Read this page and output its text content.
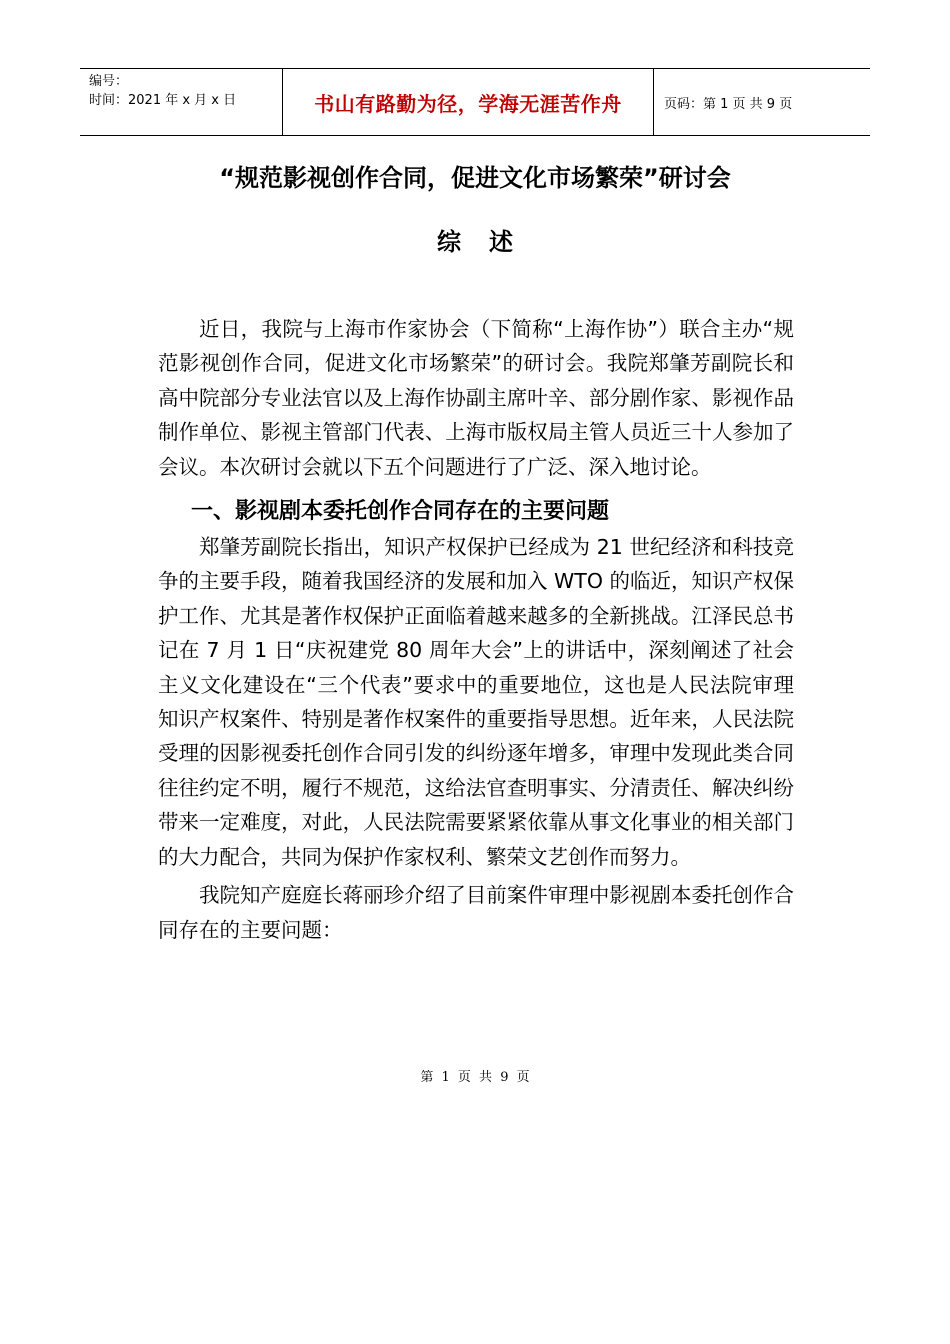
编号：
时间：2021 年 x 月 x 日	书山有路勤为径，学海无涯苦作舟	页码：第 1 页 共 9 页
“规范影视创作合同，促进文化市场繁荣”研讨会
综述

近日，我院与上海市作家协会（下简称“上海作协”）联合主办“规范影视创作合同，促进文化市场繁荣”的研讨会。我院郑肇芳副院长和高中院部分专业法官以及上海作协副主席叶辛、部分剧作家、影视作品制作单位、影视主管部门代表、上海市版权局主管人员近三十人参加了会议。本次研讨会就以下五个问题进行了广泛、深入地讨论。

一、影视剧本委托创作合同存在的主要问题

郑肇芳副院长指出，知识产权保护已经成为 21 世纪经济和科技竞争的主要手段，随着我国经济的发展和加入 WTO 的临近，知识产权保护工作、尤其是著作权保护正面临着越来越多的全新挑战。江泽民总书记在 7 月 1 日“庆祝建党 80 周年大会”上的讲话中，深刻阐述了社会主义文化建设在“三个代表”要求中的重要地位，这也是人民法院审理知识产权案件、特别是著作权案件的重要指导思想。近年来，人民法院受理的因影视委托创作合同引发的纠纷逐年增多，审理中发现此类合同往往约定不明，履行不规范，这给法官查明事实、分清责任、解决纠纷带来一定难度，对此，人民法院需要紧紧依靠从事文化事业的相关部门的大力配合，共同为保护作家权利、繁荣文艺创作而努力。

我院知产庭庭长蒋丽珍介绍了目前案件审理中影视剧本委托创作合同存在的主要问题：

第 1 页 共 9 页
